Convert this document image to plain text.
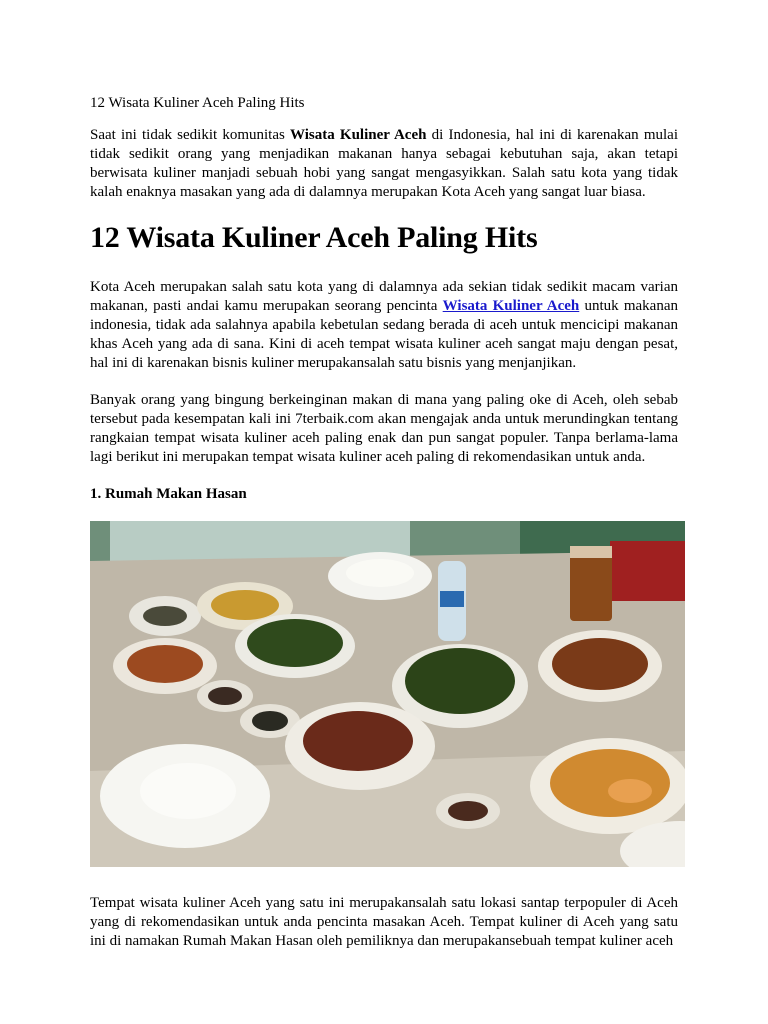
12 Wisata Kuliner Aceh Paling Hits

Saat ini tidak sedikit komunitas Wisata Kuliner Aceh di Indonesia, hal ini di karenakan mulai tidak sedikit orang yang menjadikan makanan hanya sebagai kebutuhan saja, akan tetapi berwisata kuliner manjadi sebuah hobi yang sangat mengasyikkan. Salah satu kota yang tidak kalah enaknya masakan yang ada di dalamnya merupakan Kota Aceh yang sangat luar biasa.

12 Wisata Kuliner Aceh Paling Hits

Kota Aceh merupakan salah satu kota yang di dalamnya ada sekian tidak sedikit macam varian makanan, pasti andai kamu merupakan seorang pencinta Wisata Kuliner Aceh untuk makanan indonesia, tidak ada salahnya apabila kebetulan sedang berada di aceh untuk mencicipi makanan khas Aceh yang ada di sana. Kini di aceh tempat wisata kuliner aceh sangat maju dengan pesat, hal ini di karenakan bisnis kuliner merupakansalah satu bisnis yang menjanjikan.

Banyak orang yang bingung berkeinginan makan di mana yang paling oke di Aceh, oleh sebab tersebut pada kesempatan kali ini 7terbaik.com akan mengajak anda untuk merundingkan tentang rangkaian tempat wisata kuliner aceh paling enak dan pun sangat populer. Tanpa berlama-lama lagi berikut ini merupakan tempat wisata kuliner aceh paling di rekomendasikan untuk anda.

1. Rumah Makan Hasan

Tempat wisata kuliner Aceh yang satu ini merupakansalah satu lokasi santap terpopuler di Aceh yang di rekomendasikan untuk anda pencinta masakan Aceh. Tempat kuliner di Aceh yang satu ini di namakan Rumah Makan Hasan oleh pemiliknya dan merupakansebuah tempat kuliner aceh
